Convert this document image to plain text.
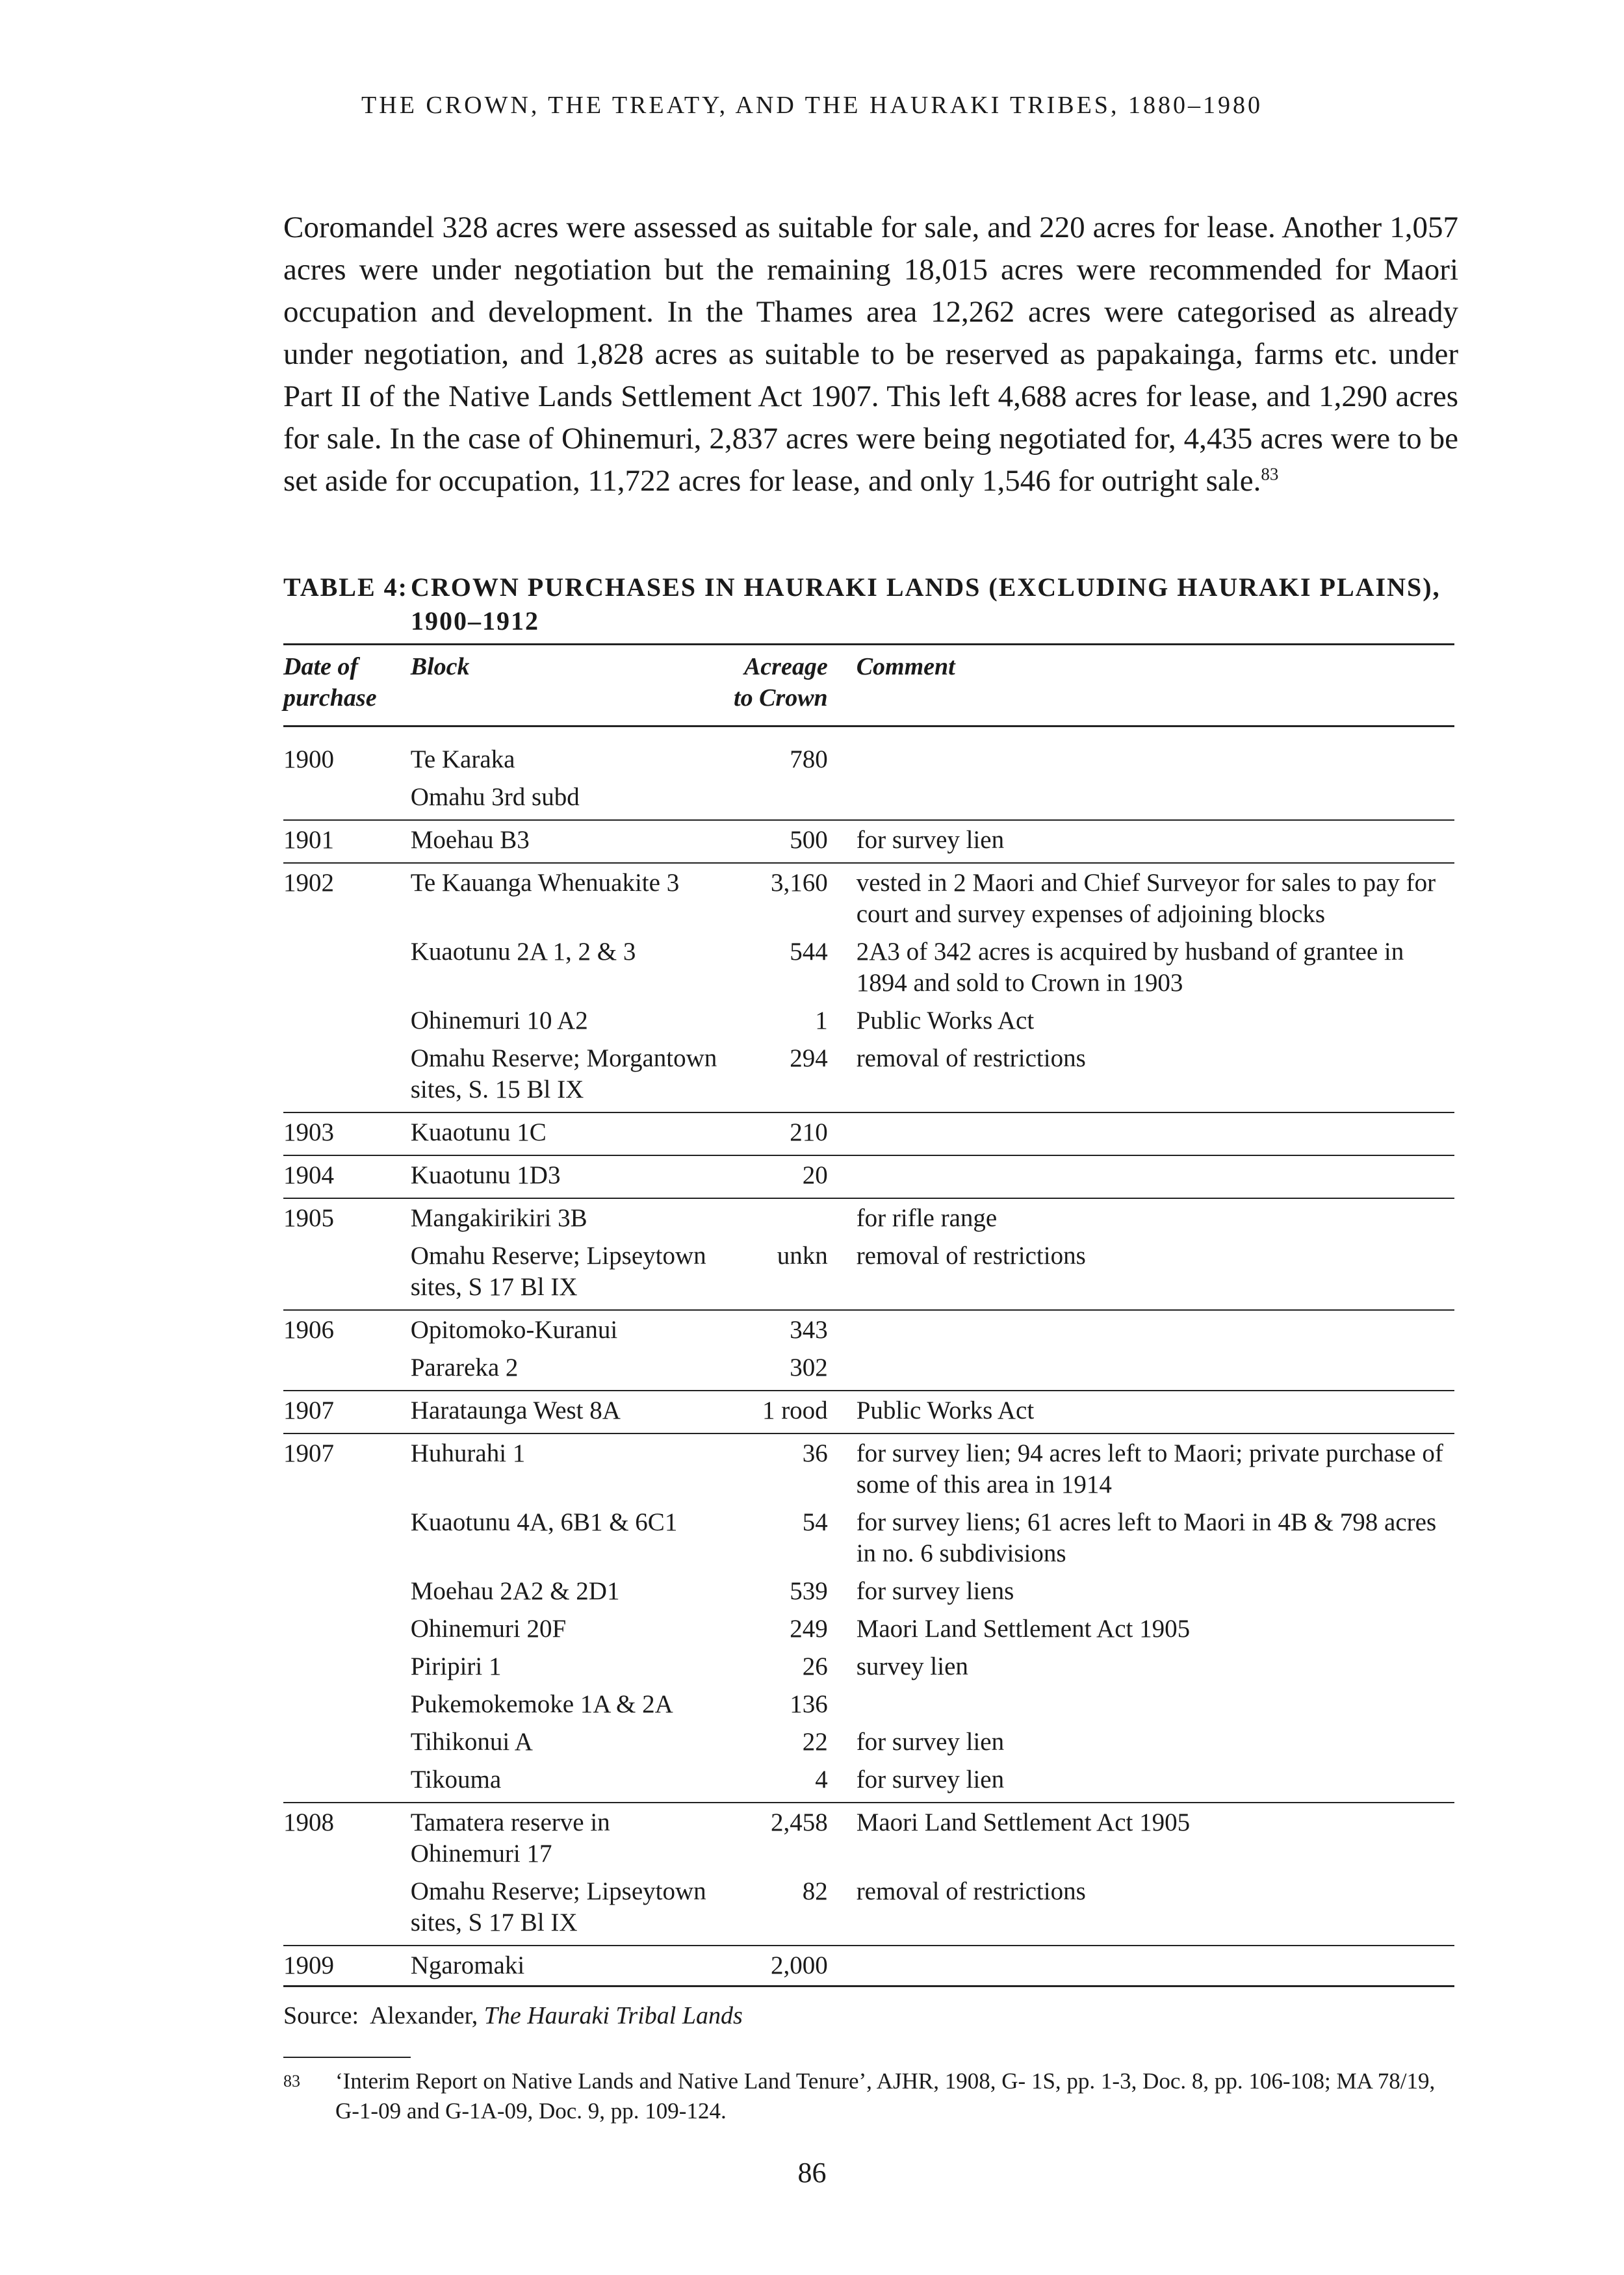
THE CROWN, THE TREATY, AND THE HAURAKI TRIBES, 1880–1980

Coromandel 328 acres were assessed as suitable for sale, and 220 acres for lease. Another 1,057 acres were under negotiation but the remaining 18,015 acres were recommended for Maori occupation and development. In the Thames area 12,262 acres were categorised as already under negotiation, and 1,828 acres as suitable to be reserved as papakainga, farms etc. under Part II of the Native Lands Settlement Act 1907. This left 4,688 acres for lease, and 1,290 acres for sale. In the case of Ohinemuri, 2,837 acres were being negotiated for, 4,435 acres were to be set aside for occupation, 11,722 acres for lease, and only 1,546 for outright sale.$^{83}$

TABLE 4: CROWN PURCHASES IN HAURAKI LANDS (EXCLUDING HAURAKI PLAINS), 1900–1912
Date of purchase	Block	Acreage to Crown	Comment
1900	Te Karaka	780	
	Omahu 3rd subd		
1901	Moehau B3	500	for survey lien
1902	Te Kauanga Whenuakite 3	3,160	vested in 2 Maori and Chief Surveyor for sales to pay for court and survey expenses of adjoining blocks
	Kuaotunu 2A 1, 2 & 3	544	2A3 of 342 acres is acquired by husband of grantee in 1894 and sold to Crown in 1903
	Ohinemuri 10 A2	1	Public Works Act
	Omahu Reserve; Morgantown sites, S. 15 Bl IX	294	removal of restrictions
1903	Kuaotunu 1C	210	
1904	Kuaotunu 1D3	20	
1905	Mangakirikiri 3B		for rifle range
	Omahu Reserve; Lipseytown sites, S 17 Bl IX	unkn	removal of restrictions
1906	Opitomoko-Kuranui	343	
	Parareka 2	302	
1907	Harataunga West 8A	1 rood	Public Works Act
1907	Huhurahi 1	36	for survey lien; 94 acres left to Maori; private purchase of some of this area in 1914
	Kuaotunu 4A, 6B1 & 6C1	54	for survey liens; 61 acres left to Maori in 4B & 798 acres in no. 6 subdivisions
	Moehau 2A2 & 2D1	539	for survey liens
	Ohinemuri 20F	249	Maori Land Settlement Act 1905
	Piripiri 1	26	survey lien
	Pukemokemoke 1A & 2A	136	
	Tihikonui A	22	for survey lien
	Tikouma	4	for survey lien
1908	Tamatera reserve in Ohinemuri 17	2,458	Maori Land Settlement Act 1905
	Omahu Reserve; Lipseytown sites, S 17 Bl IX	82	removal of restrictions
1909	Ngaromaki	2,000	
Source: Alexander, The Hauraki Tribal Lands
83 ‘Interim Report on Native Lands and Native Land Tenure’, AJHR, 1908, G- 1S, pp. 1-3, Doc. 8, pp. 106-108; MA 78/19, G-1-09 and G-1A-09, Doc. 9, pp. 109-124.
86
